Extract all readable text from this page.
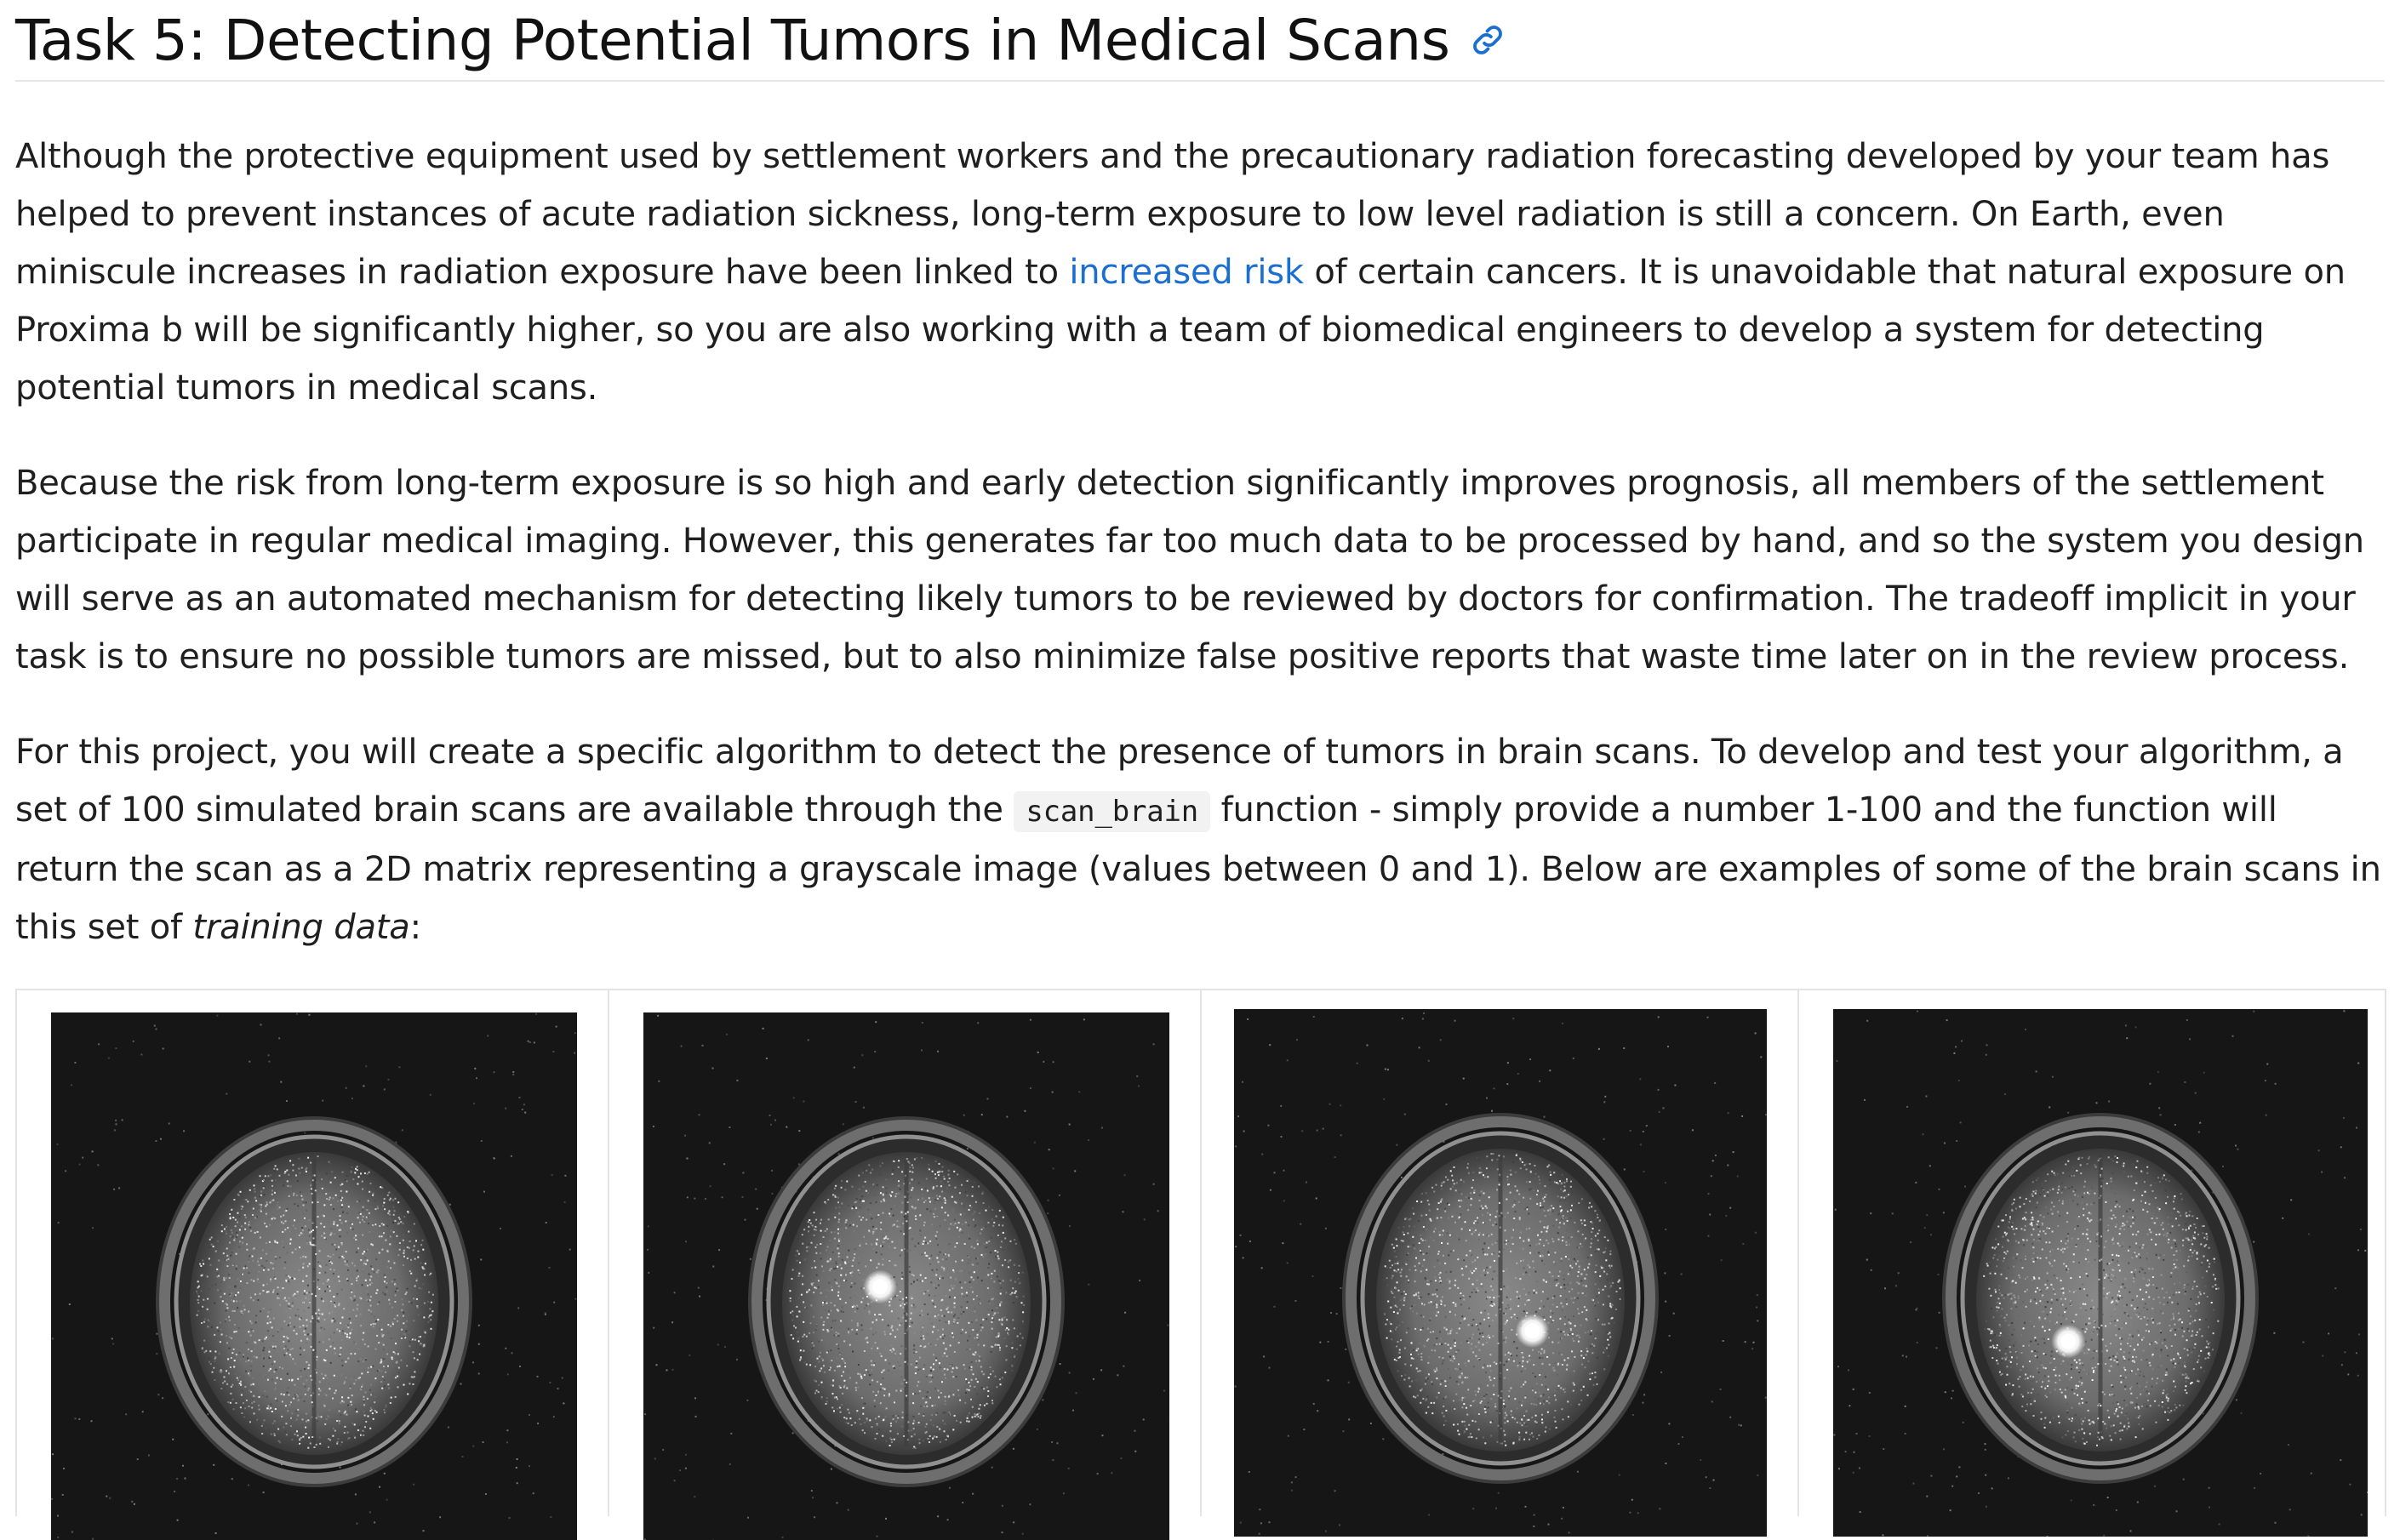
Task 5: Detecting Potential Tumors in Medical Scans

Although the protective equipment used by settlement workers and the precautionary radiation forecasting developed by your team has helped to prevent instances of acute radiation sickness, long-term exposure to low level radiation is still a concern. On Earth, even miniscule increases in radiation exposure have been linked to increased risk of certain cancers. It is unavoidable that natural exposure on Proxima b will be significantly higher, so you are also working with a team of biomedical engineers to develop a system for detecting potential tumors in medical scans.

Because the risk from long-term exposure is so high and early detection significantly improves prognosis, all members of the settlement participate in regular medical imaging. However, this generates far too much data to be processed by hand, and so the system you design will serve as an automated mechanism for detecting likely tumors to be reviewed by doctors for confirmation. The tradeoff implicit in your task is to ensure no possible tumors are missed, but to also minimize false positive reports that waste time later on in the review process.

For this project, you will create a specific algorithm to detect the presence of tumors in brain scans. To develop and test your algorithm, a set of 100 simulated brain scans are available through the scan_brain function - simply provide a number 1-100 and the function will return the scan as a 2D matrix representing a grayscale image (values between 0 and 1). Below are examples of some of the brain scans in this set of training data:
